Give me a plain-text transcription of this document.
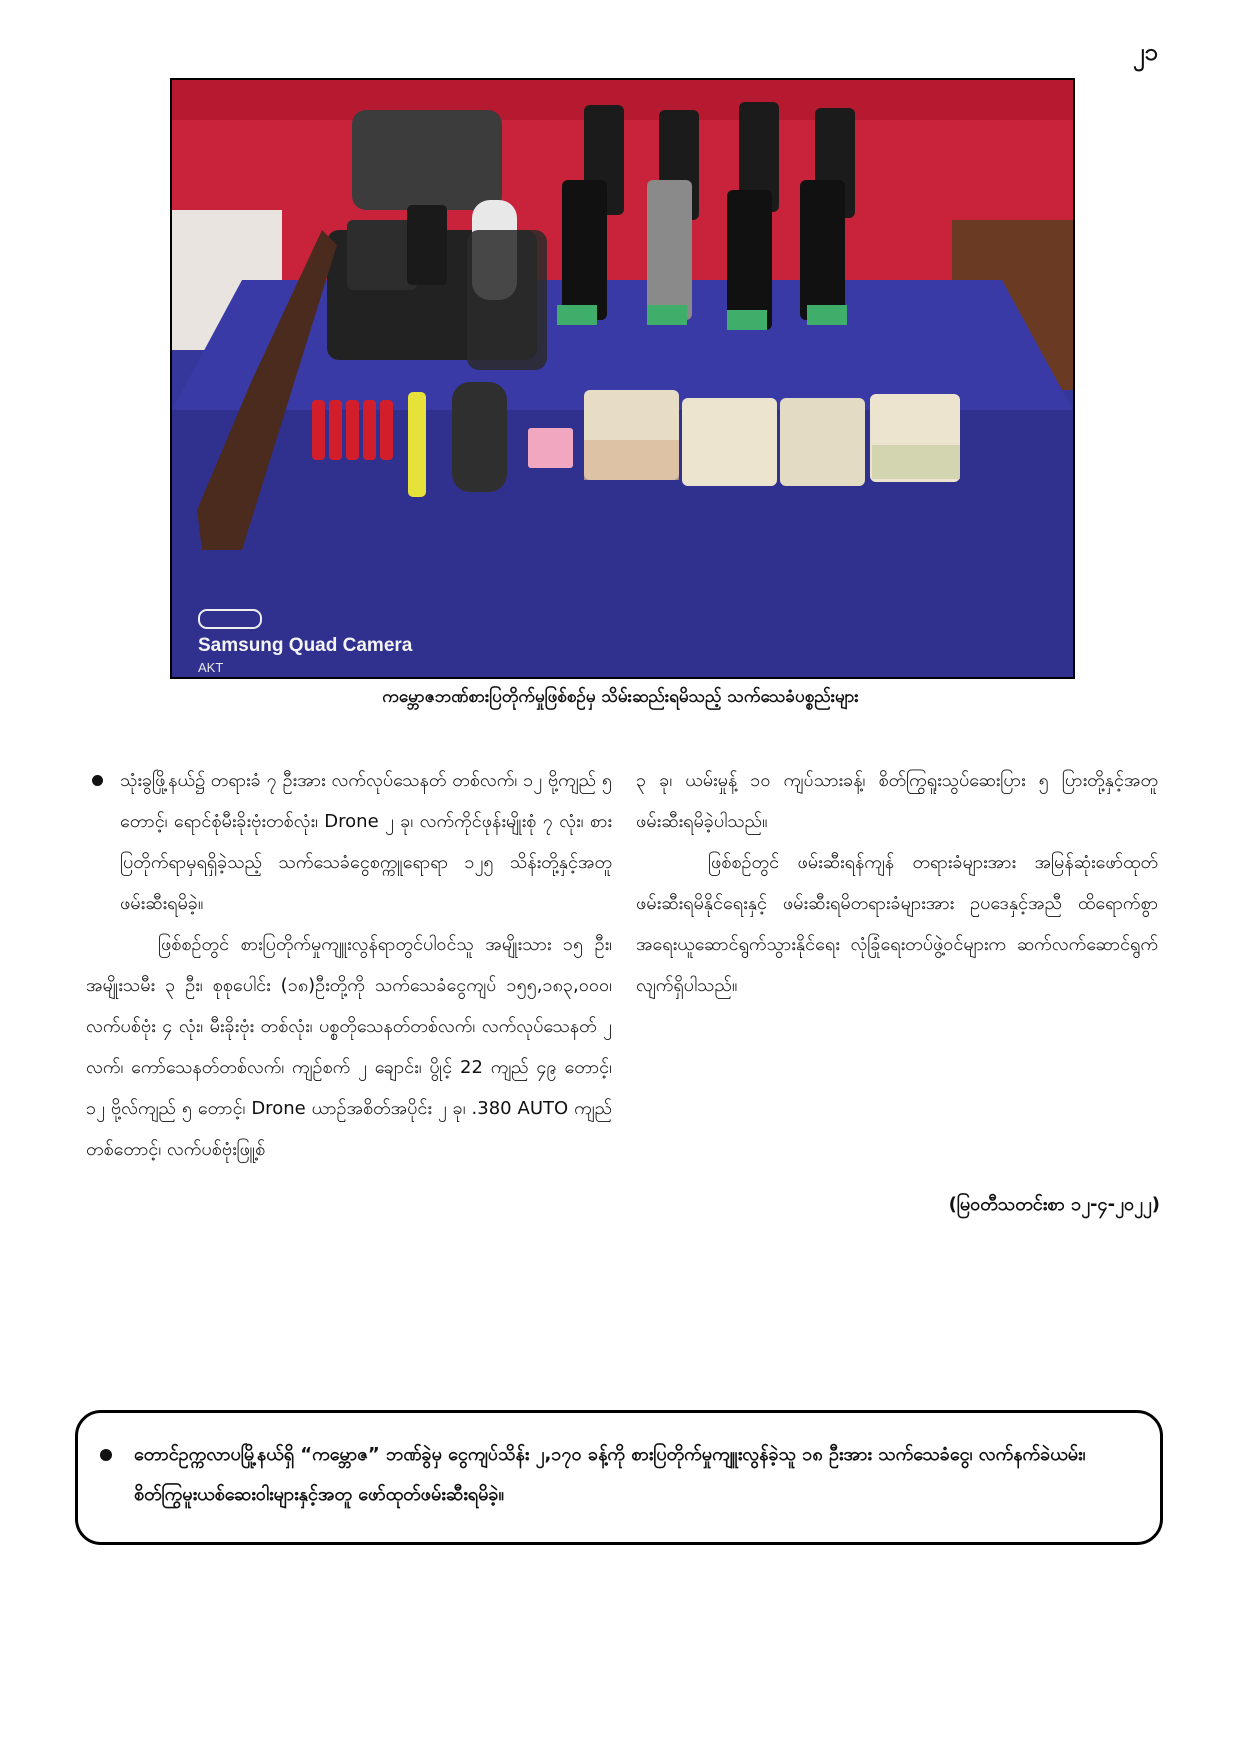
၂၁
Samsung Quad Camera
AKT
ကမ္ဘောဇဘဏ်စားပြတိုက်မှုဖြစ်စဉ်မှ သိမ်းဆည်းရမိသည့် သက်သေခံပစ္စည်းများ

သုံးခွဖြို့နယ်၌ တရားခံ ၇ ဦးအား လက်လုပ်သေနတ် တစ်လက်၊ ၁၂ ဗို့ကျည် ၅ တောင့်၊ ရောင်စုံမီးခိုးဗုံးတစ်လုံး၊ Drone ၂ ခု၊ လက်ကိုင်ဖုန်းမျိုးစုံ ၇ လုံး၊ စားပြတိုက်ရာမှရရှိခဲ့သည့် သက်သေခံငွေစက္ကူရောရာ ၁၂၅ သိန်းတို့နှင့်အတူ ဖမ်းဆီးရမိခဲ့။

ဖြစ်စဉ်တွင် စားပြတိုက်မှုကျူးလွန်ရာတွင်ပါဝင်သူ အမျိုးသား ၁၅ ဦး၊ အမျိုးသမီး ၃ ဦး၊ စုစုပေါင်း (၁၈)ဦးတို့ကို သက်သေခံငွေကျပ် ၁၅၅,၁၈၃,၀၀၀၊ လက်ပစ်ဗုံး ၄ လုံး၊ မီးခိုးဗုံး တစ်လုံး၊ ပစ္စတိုသေနတ်တစ်လက်၊ လက်လုပ်သေနတ် ၂ လက်၊ ကော်သေနတ်တစ်လက်၊ ကျဉ်စက် ၂ ချောင်း၊ ပွိုင့် 22 ကျည် ၄၉ တောင့်၊ ၁၂ ဗို့လ်ကျည် ၅ တောင့်၊ Drone ယာဉ်အစိတ်အပိုင်း ၂ ခု၊ .380 AUTO ကျည်တစ်တောင့်၊ လက်ပစ်ဗုံးဖြူ့စ်

၃ ခု၊ ယမ်းမှုန့် ၁၀ ကျပ်သားခန့်၊ စိတ်ကြွရူးသွပ်ဆေးပြား ၅ ပြားတို့နှင့်အတူ ဖမ်းဆီးရမိခဲ့ပါသည်။

ဖြစ်စဉ်တွင် ဖမ်းဆီးရန်ကျန် တရားခံများအား အမြန်ဆုံးဖော်ထုတ်ဖမ်းဆီးရမိနိုင်ရေးနှင့် ဖမ်းဆီးရမိတရားခံများအား ဥပဒေနှင့်အညီ ထိရောက်စွာအရေးယူဆောင်ရွက်သွားနိုင်ရေး လုံခြုံရေးတပ်ဖွဲ့ဝင်များက ဆက်လက်ဆောင်ရွက်လျက်ရှိပါသည်။

(မြဝတီသတင်းစာ ၁၂-၄-၂၀၂၂)
တောင်ဥက္ကလာပမြို့နယ်ရှိ “ကမ္ဘောဇ” ဘဏ်ခွဲမှ ငွေကျပ်သိန်း ၂,၁၇၀ ခန့်ကို စားပြတိုက်မှုကျူးလွန်ခဲ့သူ ၁၈ ဦးအား သက်သေခံငွေ၊ လက်နက်ခဲယမ်း၊ စိတ်ကြွမူးယစ်ဆေးဝါးများနှင့်အတူ ဖော်ထုတ်ဖမ်းဆီးရမိခဲ့။
